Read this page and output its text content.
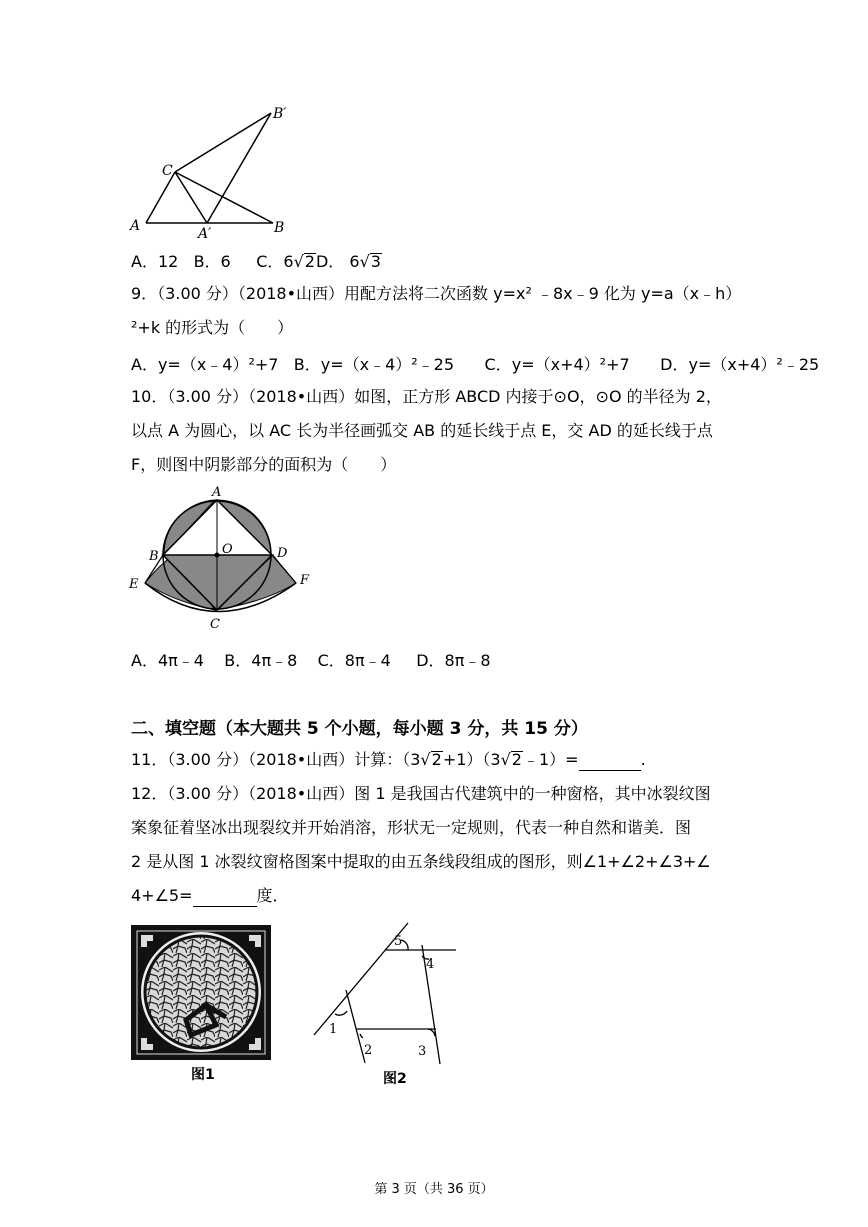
B′
C
A	A′	B
A．12 B．6 C．6√2D． 6√3
9．（3.00 分）（2018•山西）用配方法将二次函数 y=x² ﹣8x﹣9 化为 y=a（x﹣h）
²+k 的形式为（　　）
A．y=（x﹣4）²+7 B．y=（x﹣4）²﹣25 C．y=（x+4）²+7 D．y=（x+4）²﹣25
10．（3.00 分）（2018•山西）如图，正方形 ABCD 内接于⊙O，⊙O 的半径为 2，
以点 A 为圆心，以 AC 长为半径画弧交 AB 的延长线于点 E，交 AD 的延长线于点
F，则图中阴影部分的面积为（　　）
A
O
B	D
E	F
C
A．4π﹣4 B．4π﹣8 C．8π﹣4 D．8π﹣8
二、填空题（本大题共 5 个小题，每小题 3 分，共 15 分）
11．（3.00 分）（2018•山西）计算：（3√2+1）（3√2﹣1）=	.
12．（3.00 分）（2018•山西）图 1 是我国古代建筑中的一种窗格，其中冰裂纹图
案象征着坚冰出现裂纹并开始消溶，形状无一定规则，代表一种自然和谐美．图
2 是从图 1 冰裂纹窗格图案中提取的由五条线段组成的图形，则∠1+∠2+∠3+∠
4+∠5=	度．
图1
5
4
1
2	3
图2
第 3 页（共 36 页）
